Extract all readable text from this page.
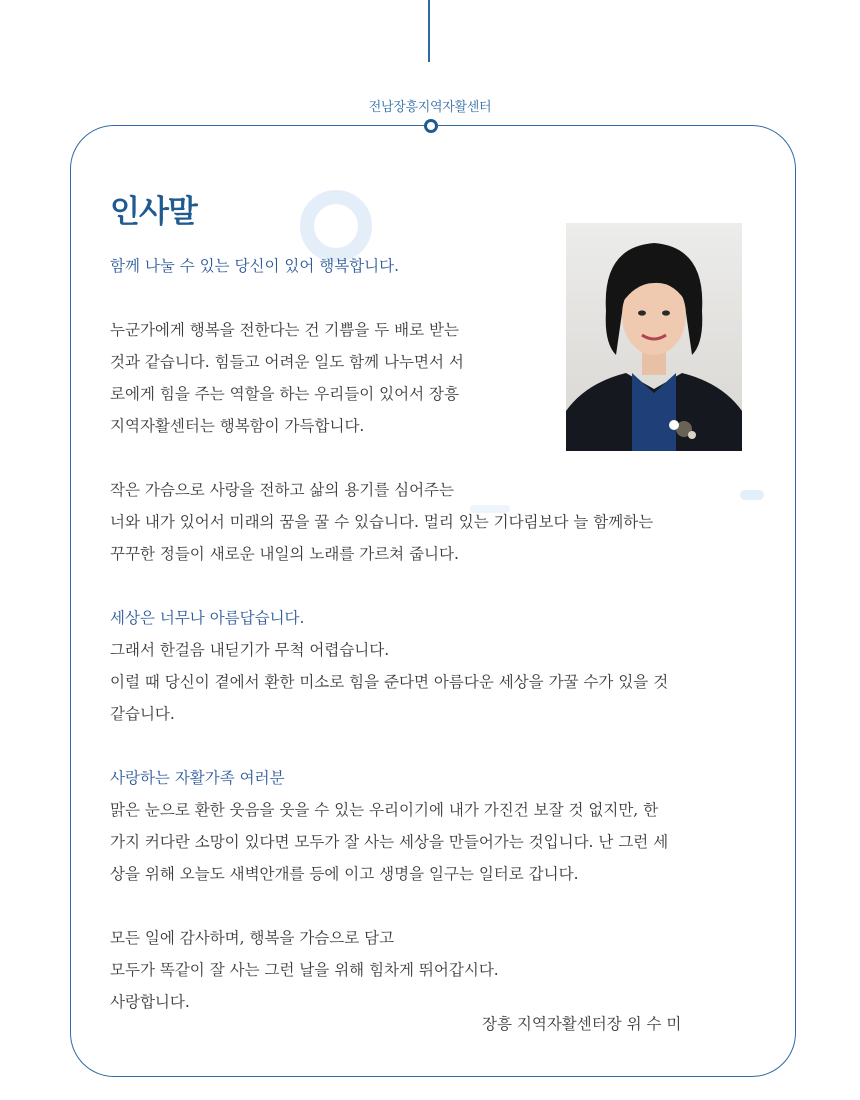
전남장흥지역자활센터
인사말
함께 나눌 수 있는 당신이 있어 행복합니다.
누군가에게 행복을 전한다는 건 기쁨을 두 배로 받는
것과 같습니다. 힘들고 어려운 일도 함께 나누면서 서
로에게 힘을 주는 역할을 하는 우리들이 있어서 장흥
지역자활센터는 행복함이 가득합니다.
작은 가슴으로 사랑을 전하고 삶의 용기를 심어주는
너와 내가 있어서 미래의 꿈을 꿀 수 있습니다. 멀리 있는 기다림보다 늘 함께하는
꾸꾸한 정들이 새로운 내일의 노래를 가르쳐 줍니다.
세상은 너무나 아름답습니다.
그래서 한걸음 내딛기가 무척 어렵습니다.
이럴 때 당신이 곁에서 환한 미소로 힘을 준다면 아름다운 세상을 가꿀 수가 있을 것
같습니다.
사랑하는 자활가족 여러분
맑은 눈으로 환한 웃음을 웃을 수 있는 우리이기에 내가 가진건 보잘 것 없지만, 한
가지 커다란 소망이 있다면 모두가 잘 사는 세상을 만들어가는 것입니다. 난 그런 세
상을 위해 오늘도 새벽안개를 등에 이고 생명을 일구는 일터로 갑니다.
모든 일에 감사하며, 행복을 가슴으로 담고
모두가 똑같이 잘 사는 그런 날을 위해 힘차게 뛰어갑시다.
사랑합니다.
장흥 지역자활센터장 위 수 미
